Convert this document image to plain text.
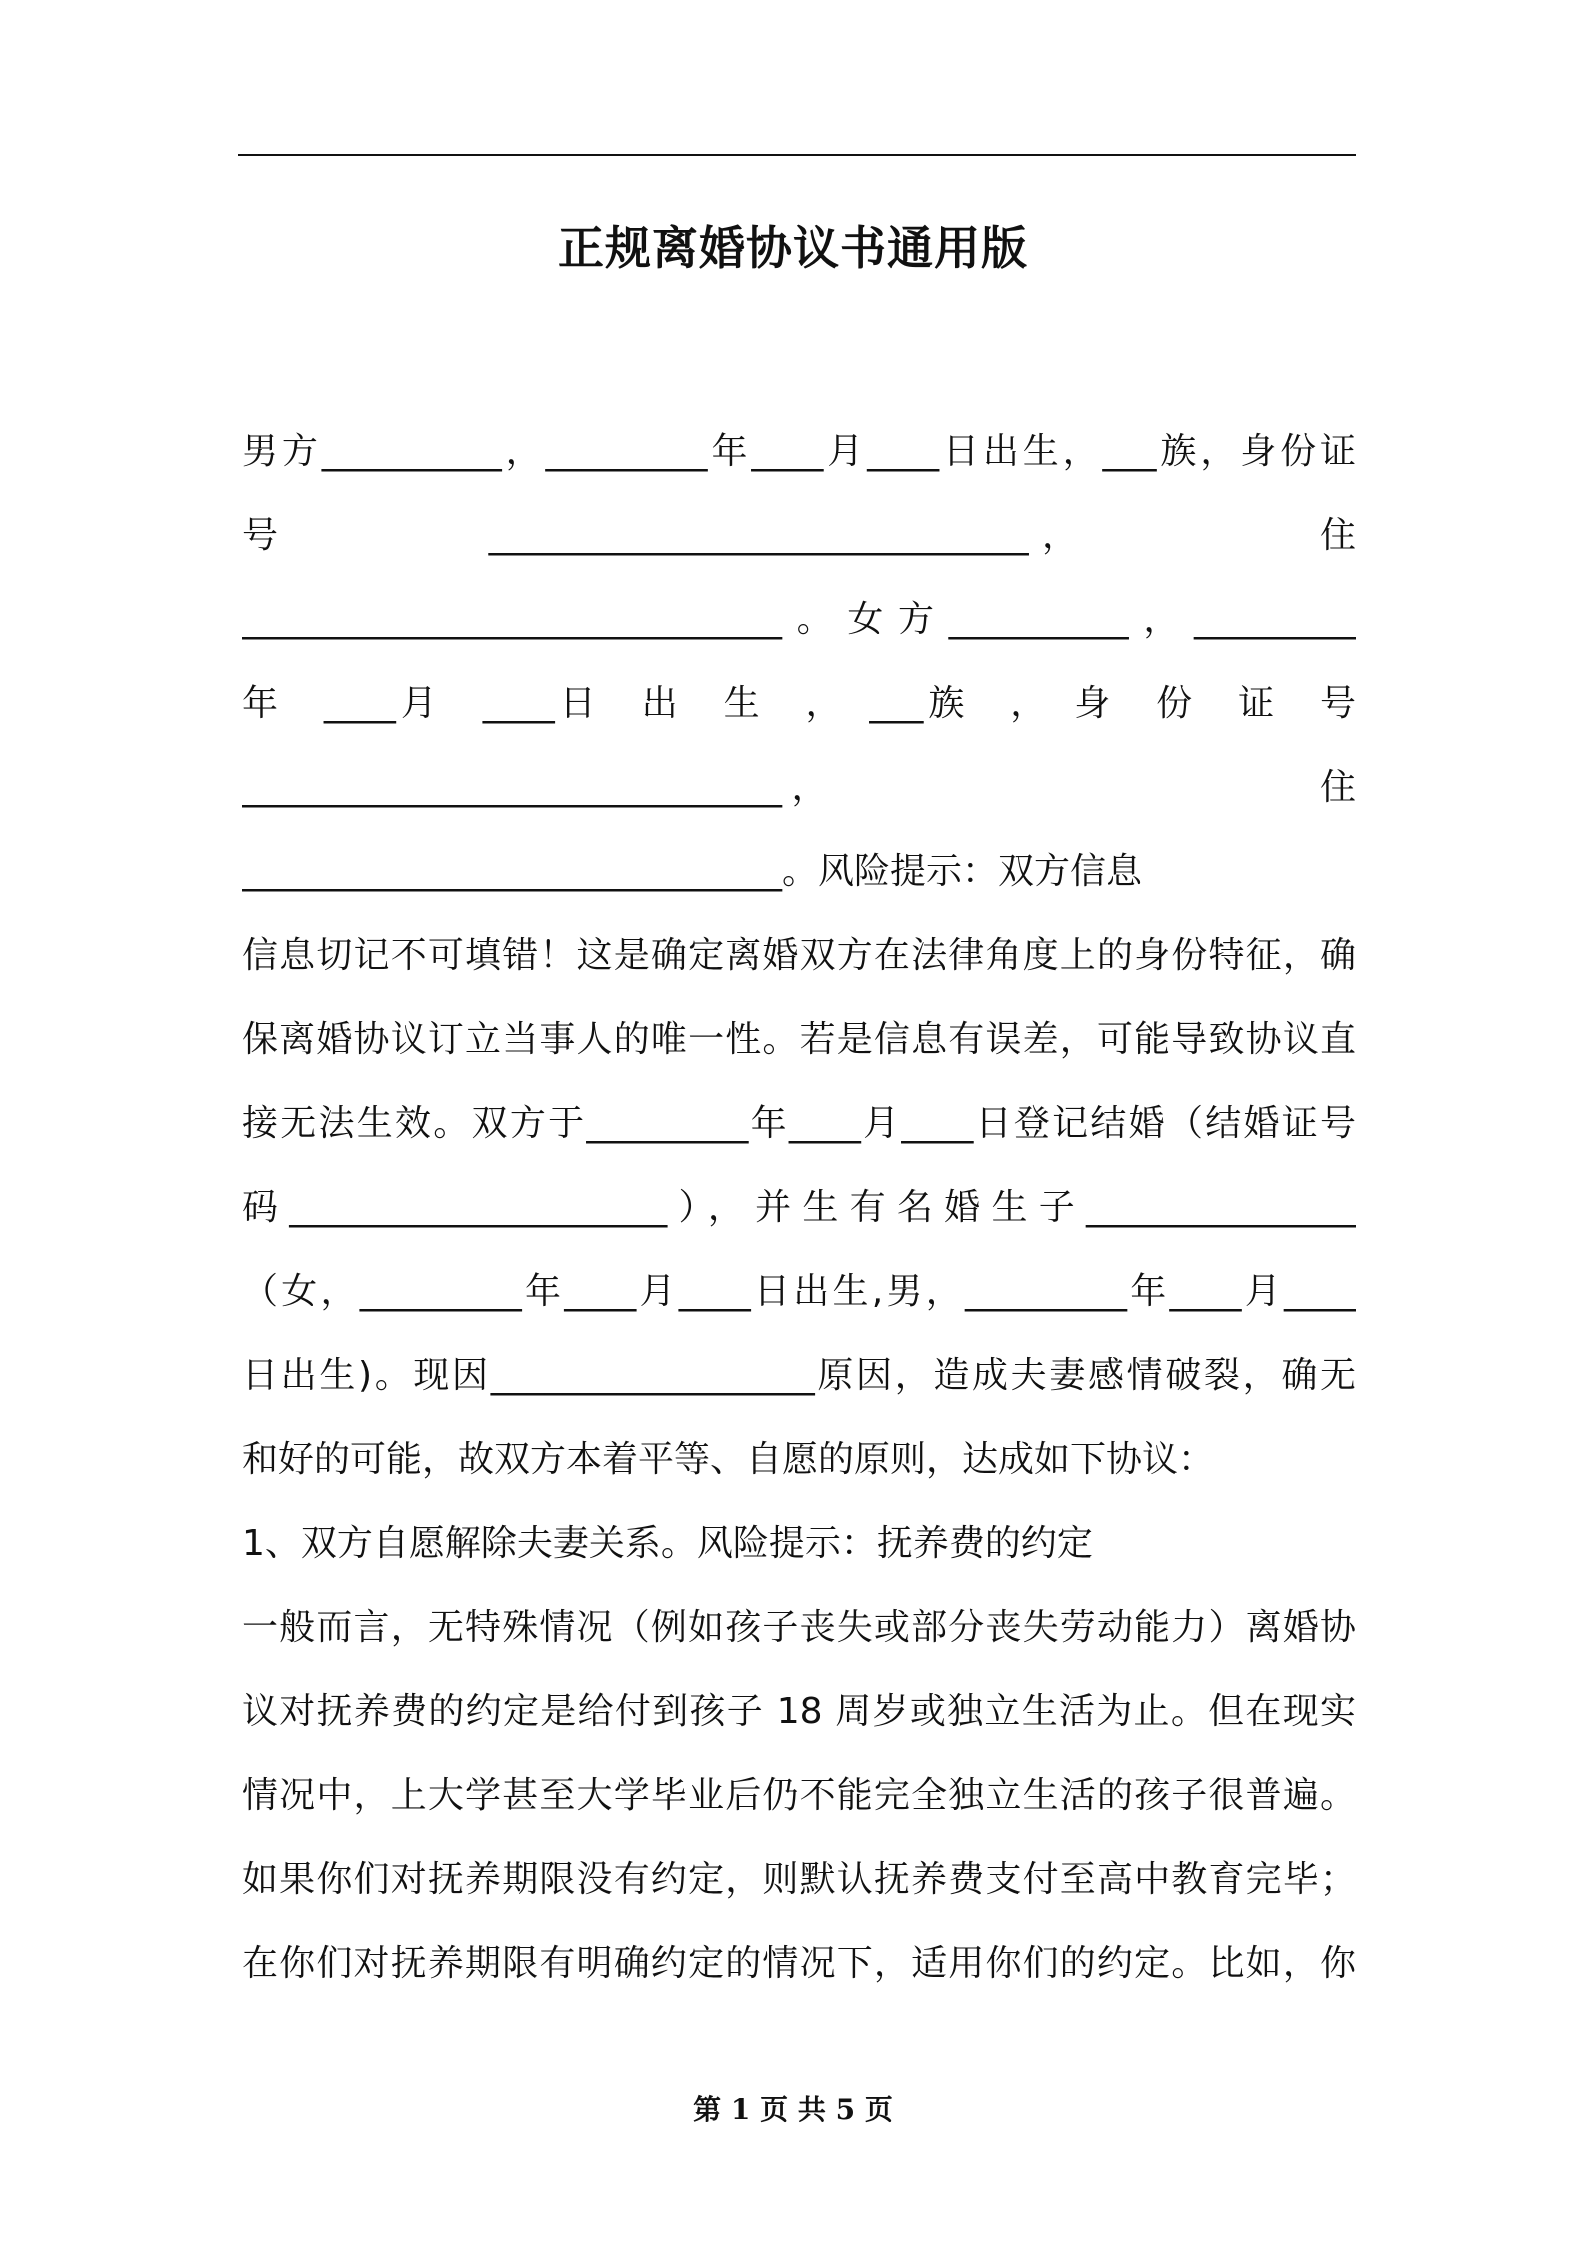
正规离婚协议书通用版
男方__________，_________年____月____日出生，___族，身份证
号　　　　______________________________，　　　　　住
______________________________。女方__________，_________
年　____月　____日　出　生　，　___族　，　身　份　证　号
______________________________，　　　　　　　　　　　住
______________________________。风险提示：双方信息
信息切记不可填错！这是确定离婚双方在法律角度上的身份特征，确
保离婚协议订立当事人的唯一性。若是信息有误差，可能导致协议直
接无法生效。双方于_________年____月____日登记结婚（结婚证号
码_____________________），并生有名婚生子_______________
（女，_________年____月____日出生,男，_________年____月____
日出生)。现因__________________原因，造成夫妻感情破裂，确无
和好的可能，故双方本着平等、自愿的原则，达成如下协议：
1、双方自愿解除夫妻关系。风险提示：抚养费的约定
一般而言，无特殊情况（例如孩子丧失或部分丧失劳动能力）离婚协
议对抚养费的约定是给付到孩子 18 周岁或独立生活为止。但在现实
情况中，上大学甚至大学毕业后仍不能完全独立生活的孩子很普遍。
如果你们对抚养期限没有约定，则默认抚养费支付至高中教育完毕；
在你们对抚养期限有明确约定的情况下，适用你们的约定。比如，你
第 1 页 共 5 页
